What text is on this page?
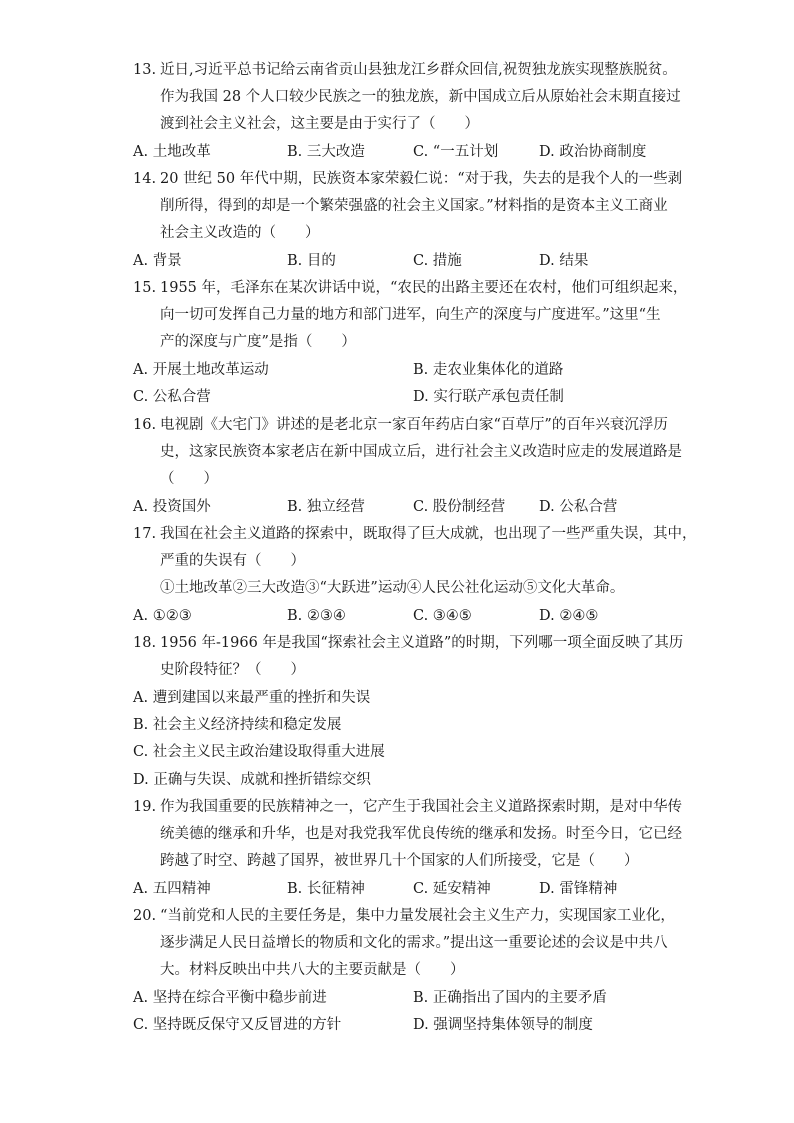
13. 近日,习近平总书记给云南省贡山县独龙江乡群众回信,祝贺独龙族实现整族脱贫。
作为我国 28 个人口较少民族之一的独龙族，新中国成立后从原始社会末期直接过
渡到社会主义社会，这主要是由于实行了（　　）
A. 土地改革	B. 三大改造	C. “一五计划	D. 政治协商制度
14. 20 世纪 50 年代中期，民族资本家荣毅仁说：“对于我，失去的是我个人的一些剥
削所得，得到的却是一个繁荣强盛的社会主义国家。”材料指的是资本主义工商业
社会主义改造的（　　）
A. 背景	B. 目的	C. 措施	D. 结果
15. 1955 年，毛泽东在某次讲话中说，“农民的出路主要还在农村，他们可组织起来，
向一切可发挥自己力量的地方和部门进军，向生产的深度与广度进军。”这里“生
产的深度与广度”是指（　　）
A. 开展土地改革运动	B. 走农业集体化的道路
C. 公私合营	D. 实行联产承包责任制
16. 电视剧《大宅门》讲述的是老北京一家百年药店白家“百草厅”的百年兴衰沉浮历
史，这家民族资本家老店在新中国成立后，进行社会主义改造时应走的发展道路是
（　　）
A. 投资国外	B. 独立经营	C. 股份制经营 D. 公私合营
17. 我国在社会主义道路的探索中，既取得了巨大成就，也出现了一些严重失误，其中，
严重的失误有（　　）
①土地改革②三大改造③“大跃进”运动④人民公社化运动⑤文化大革命。
A. ①②③	B. ②③④	C. ③④⑤	D. ②④⑤
18. 1956 年-1966 年是我国“探索社会主义道路”的时期，下列哪一项全面反映了其历
史阶段特征？（　　）
A. 遭到建国以来最严重的挫折和失误
B. 社会主义经济持续和稳定发展
C. 社会主义民主政治建设取得重大进展
D. 正确与失误、成就和挫折错综交织
19. 作为我国重要的民族精神之一，它产生于我国社会主义道路探索时期，是对中华传
统美德的继承和升华，也是对我党我军优良传统的继承和发扬。时至今日，它已经
跨越了时空、跨越了国界，被世界几十个国家的人们所接受，它是（　　）
A. 五四精神	B. 长征精神	C. 延安精神	D. 雷锋精神
20. “当前党和人民的主要任务是，集中力量发展社会主义生产力，实现国家工业化，
逐步满足人民日益增长的物质和文化的需求。”提出这一重要论述的会议是中共八
大。材料反映出中共八大的主要贡献是（　　）
A. 坚持在综合平衡中稳步前进	B. 正确指出了国内的主要矛盾
C. 坚持既反保守又反冒进的方针	D. 强调坚持集体领导的制度
